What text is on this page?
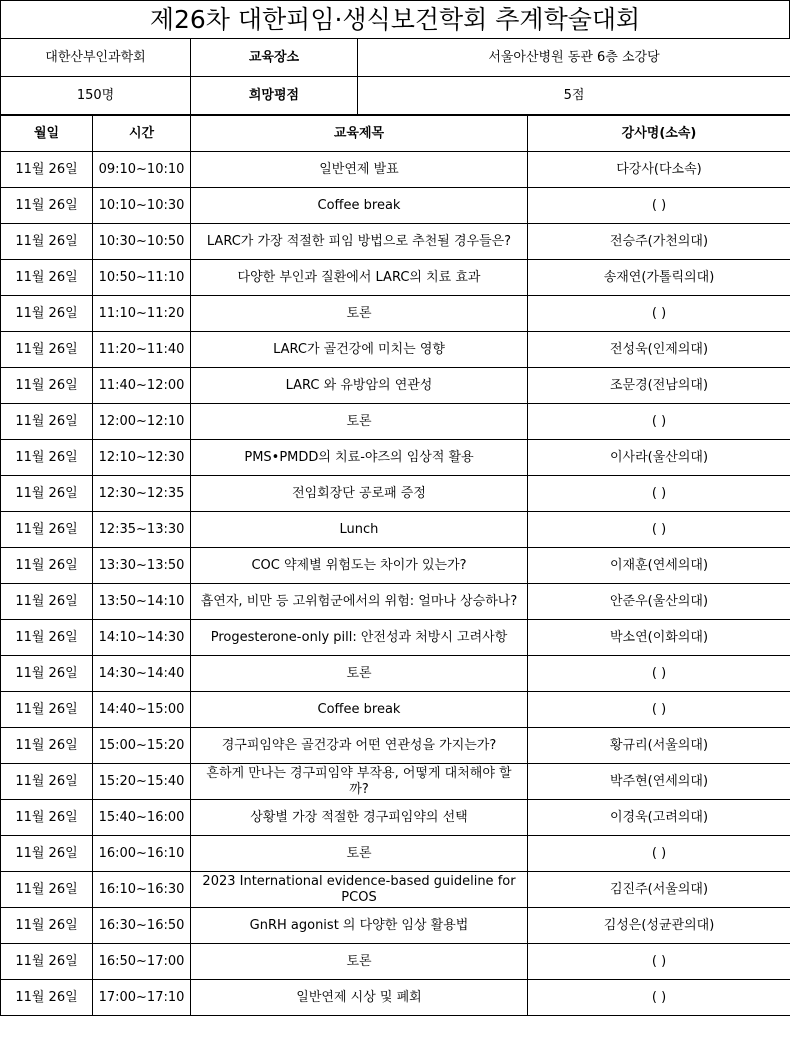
제26차 대한피임·생식보건학회 추계학술대회
대한산부인과학회	교육장소	서울아산병원 동관 6층 소강당
150명	희망평점	5점
월일	시간	교육제목	강사명(소속)
11월 26일	09:10~10:10	일반연제 발표	다강사(다소속)
11월 26일	10:10~10:30	Coffee break	( )
11월 26일	10:30~10:50	LARC가 가장 적절한 피임 방법으로 추천될 경우들은?	전승주(가천의대)
11월 26일	10:50~11:10	다양한 부인과 질환에서 LARC의 치료 효과	송재연(가톨릭의대)
11월 26일	11:10~11:20	토론	( )
11월 26일	11:20~11:40	LARC가 골건강에 미치는 영향	전성욱(인제의대)
11월 26일	11:40~12:00	LARC 와 유방암의 연관성	조문경(전남의대)
11월 26일	12:00~12:10	토론	( )
11월 26일	12:10~12:30	PMS•PMDD의 치료-야즈의 임상적 활용	이사라(울산의대)
11월 26일	12:30~12:35	전임회장단 공로패 증정	( )
11월 26일	12:35~13:30	Lunch	( )
11월 26일	13:30~13:50	COC 약제별 위험도는 차이가 있는가?	이재훈(연세의대)
11월 26일	13:50~14:10	흡연자, 비만 등 고위험군에서의 위험: 얼마나 상승하나?	안준우(울산의대)
11월 26일	14:10~14:30	Progesterone-only pill: 안전성과 처방시 고려사항	박소연(이화의대)
11월 26일	14:30~14:40	토론	( )
11월 26일	14:40~15:00	Coffee break	( )
11월 26일	15:00~15:20	경구피임약은 골건강과 어떤 연관성을 가지는가?	황규리(서울의대)
11월 26일	15:20~15:40	흔하게 만나는 경구피임약 부작용, 어떻게 대처해야 할까?	박주현(연세의대)
11월 26일	15:40~16:00	상황별 가장 적절한 경구피임약의 선택	이경욱(고려의대)
11월 26일	16:00~16:10	토론	( )
11월 26일	16:10~16:30	2023 International evidence-based guideline for PCOS	김진주(서울의대)
11월 26일	16:30~16:50	GnRH agonist 의 다양한 임상 활용법	김성은(성균관의대)
11월 26일	16:50~17:00	토론	( )
11월 26일	17:00~17:10	일반연제 시상 및 폐회	( )
